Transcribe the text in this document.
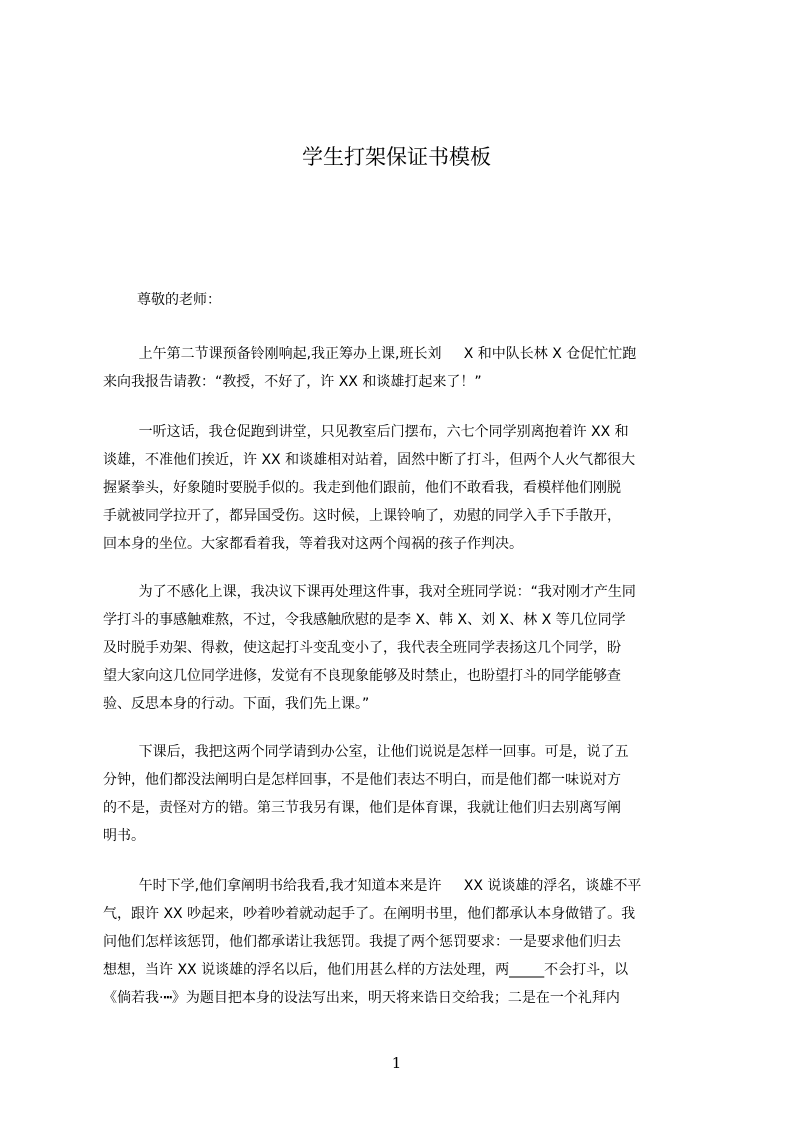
学生打架保证书模板
尊敬的老师：
上午第二节课预备铃刚响起,我正筹办上课,班长刘     X 和中队长林 X 仓促忙忙跑
来向我报告请教：“教授，不好了，许 XX 和谈雄打起来了！”
一听这话，我仓促跑到讲堂，只见教室后门摆布，六七个同学别离抱着许 XX 和
谈雄，不准他们挨近，许 XX 和谈雄相对站着，固然中断了打斗，但两个人火气都很大
握紧拳头，好象随时要脱手似的。我走到他们跟前，他们不敢看我，看模样他们刚脱
手就被同学拉开了，都异国受伤。这时候，上课铃响了，劝慰的同学入手下手散开，
回本身的坐位。大家都看着我，等着我对这两个闯祸的孩子作判决。
为了不感化上课，我决议下课再处理这件事，我对全班同学说：“我对刚才产生同
学打斗的事感触难熬，不过，令我感触欣慰的是李 X、韩 X、刘 X、林 X 等几位同学
及时脱手劝架、得救，使这起打斗变乱变小了，我代表全班同学表扬这几个同学，盼
望大家向这几位同学进修，发觉有不良现象能够及时禁止，也盼望打斗的同学能够查
验、反思本身的行动。下面，我们先上课。”
下课后，我把这两个同学请到办公室，让他们说说是怎样一回事。可是，说了五
分钟，他们都没法阐明白是怎样回事，不是他们表达不明白，而是他们都一味说对方
的不是，责怪对方的错。第三节我另有课，他们是体育课，我就让他们归去别离写阐
明书。
午时下学,他们拿阐明书给我看,我才知道本来是许     XX 说谈雄的浮名，谈雄不平
气，跟许 XX 吵起来，吵着吵着就动起手了。在阐明书里，他们都承认本身做错了。我
问他们怎样该惩罚，他们都承诺让我惩罚。我提了两个惩罚要求：一是要求他们归去
想想，当许 XX 说谈雄的浮名以后，他们用甚么样的方法处理，两_____不会打斗，以
《倘若我·┅》为题目把本身的设法写出来，明天将来诰日交给我；二是在一个礼拜内
1
